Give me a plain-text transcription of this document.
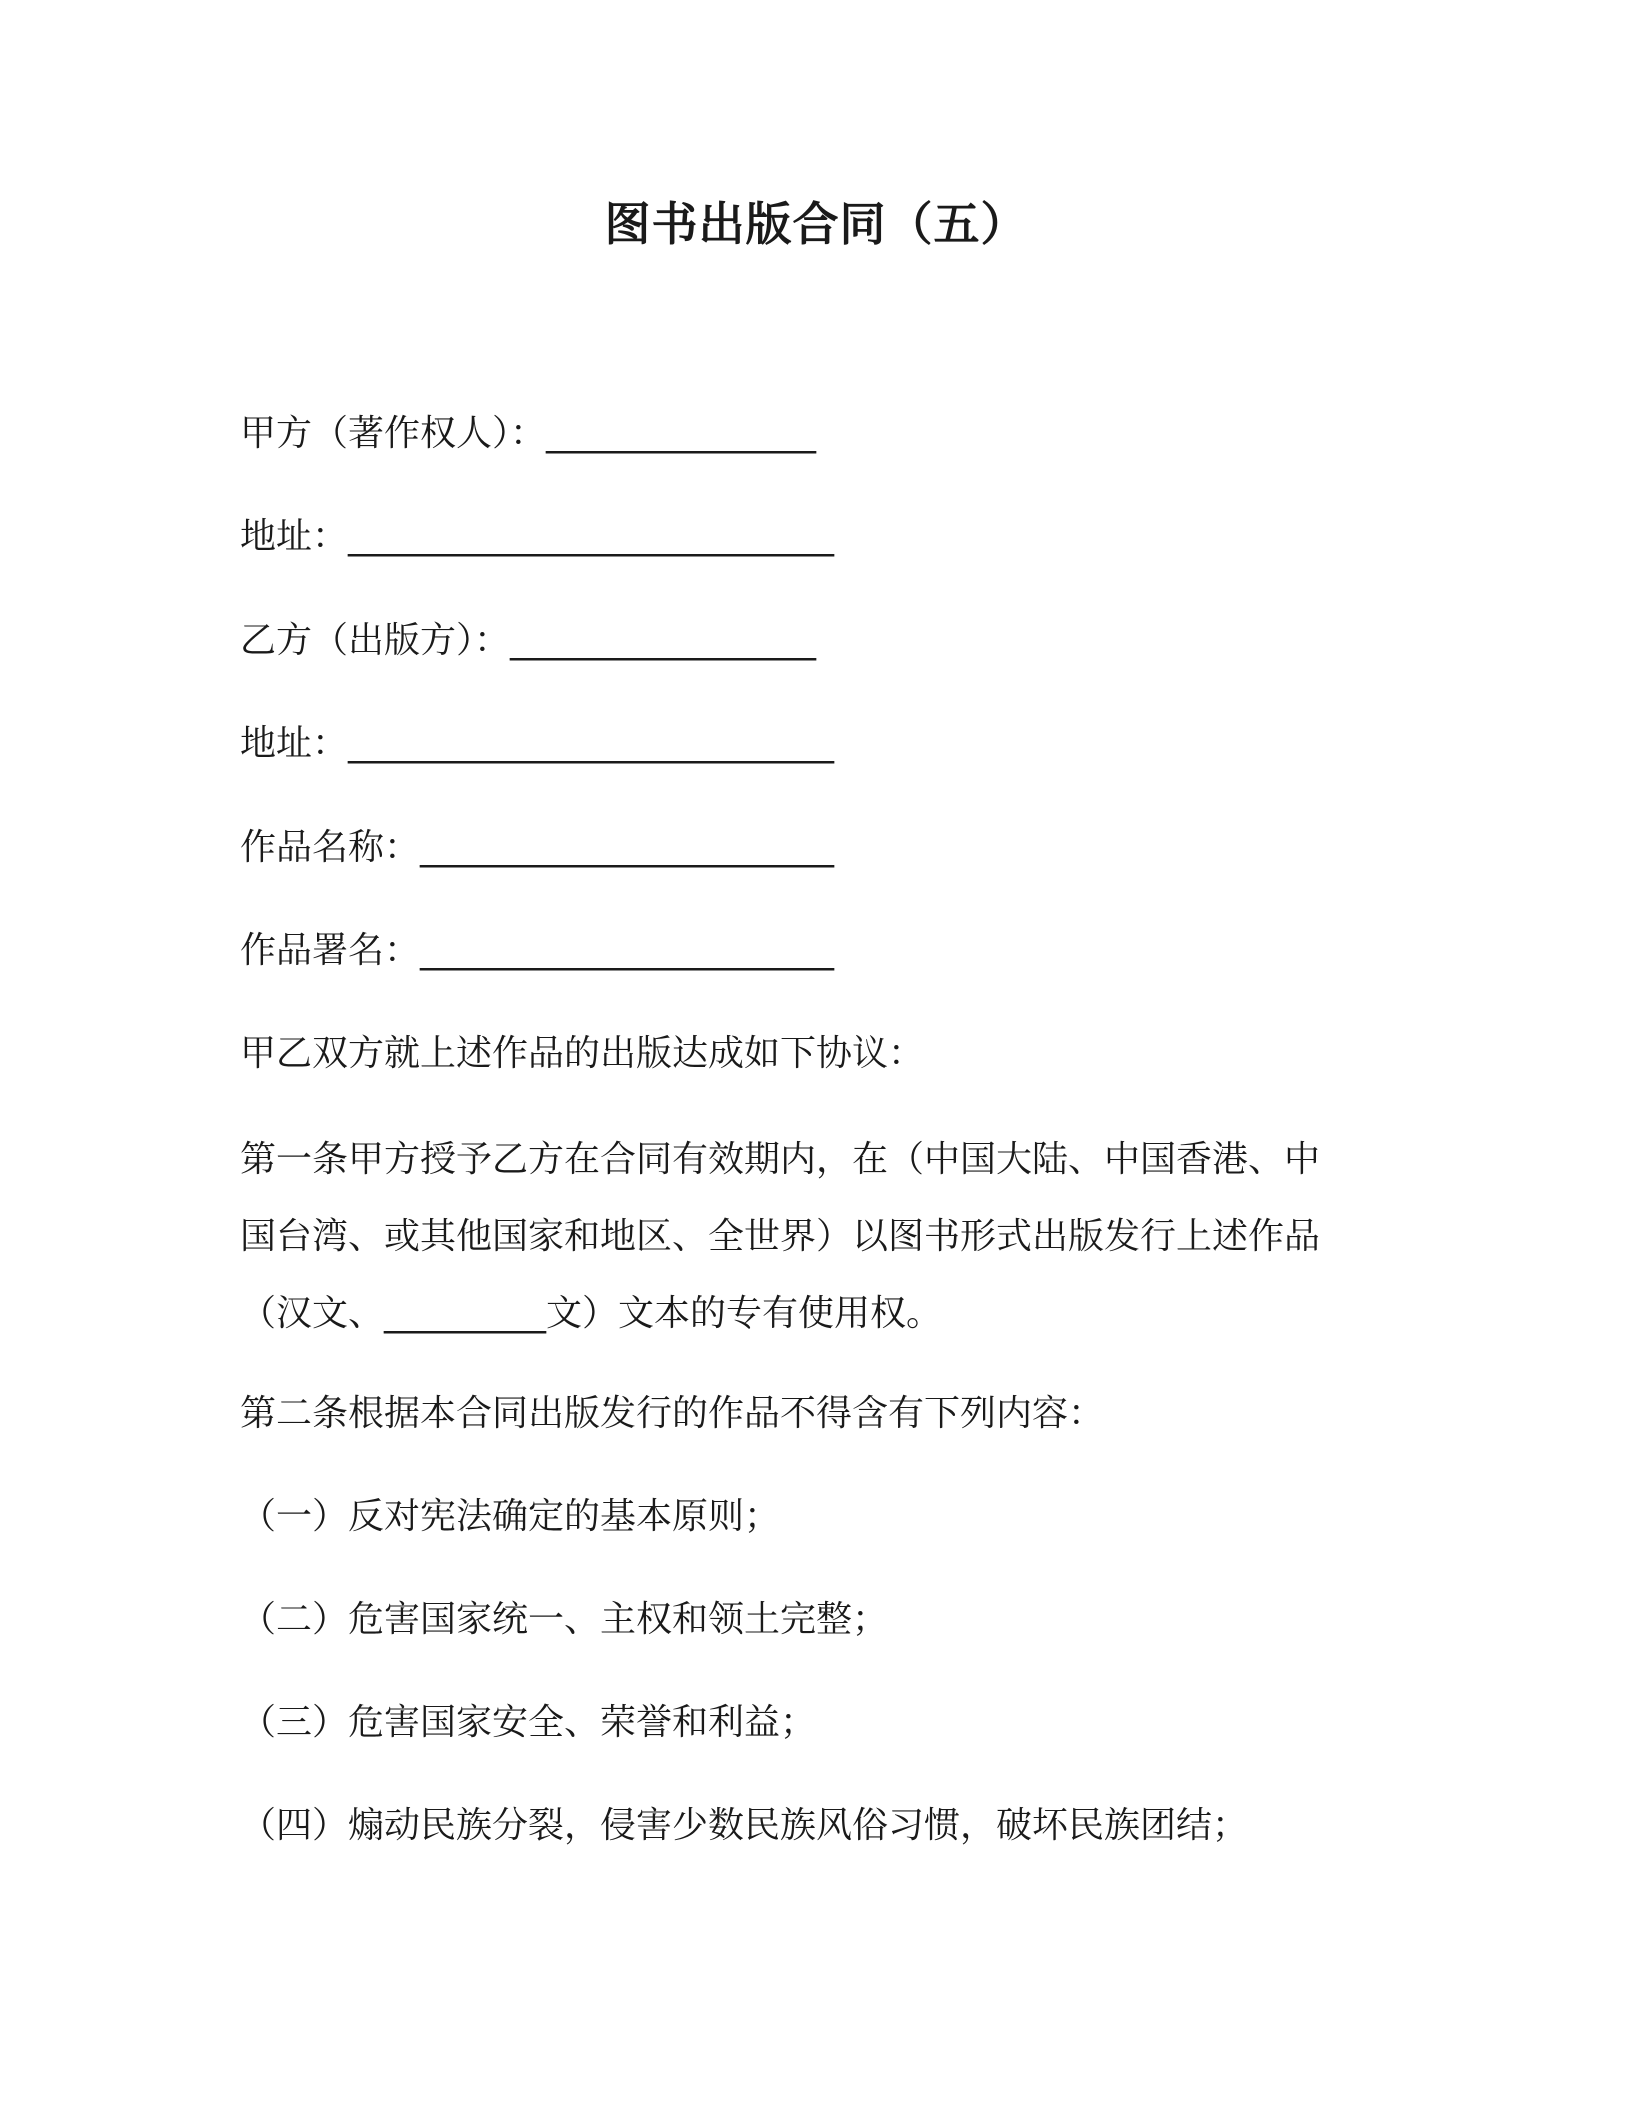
图书出版合同（五）
甲方（著作权人）：_______________
地址：___________________________
乙方（出版方）：_________________
地址：___________________________
作品名称：_______________________
作品署名：_______________________
甲乙双方就上述作品的出版达成如下协议：
第一条甲方授予乙方在合同有效期内，在（中国大陆、中国香港、中
国台湾、或其他国家和地区、全世界）以图书形式出版发行上述作品
（汉文、_________文）文本的专有使用权。
第二条根据本合同出版发行的作品不得含有下列内容：
（一）反对宪法确定的基本原则；
（二）危害国家统一、主权和领土完整；
（三）危害国家安全、荣誉和利益；
（四）煽动民族分裂，侵害少数民族风俗习惯，破坏民族团结；
